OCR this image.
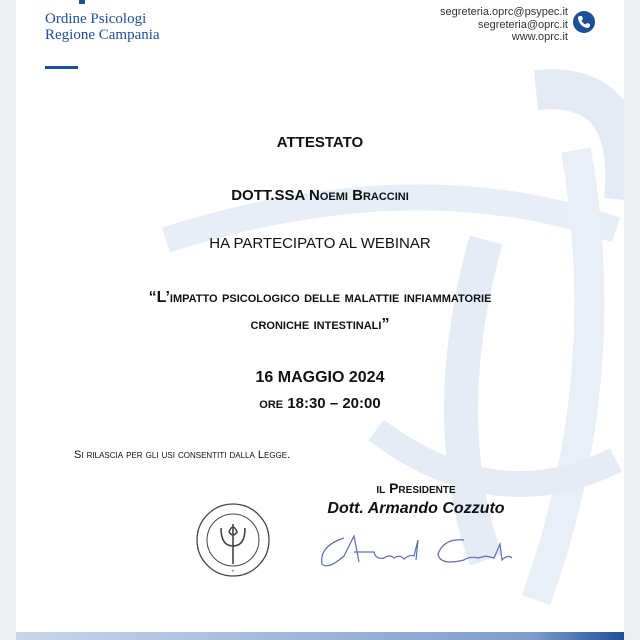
Ordine Psicologi
Regione Campania
segreteria.oprc@psypec.it
segreteria@oprc.it
www.oprc.it
ATTESTATO
DOTT.SSA Noemi Braccini
HA PARTECIPATO AL WEBINAR
“L’impatto psicologico delle malattie infiammatorie
croniche intestinali”
16 MAGGIO 2024
ore 18:30 – 20:00
Si rilascia per gli usi consentiti dalla Legge.
il Presidente
Dott. Armando Cozzuto
*
